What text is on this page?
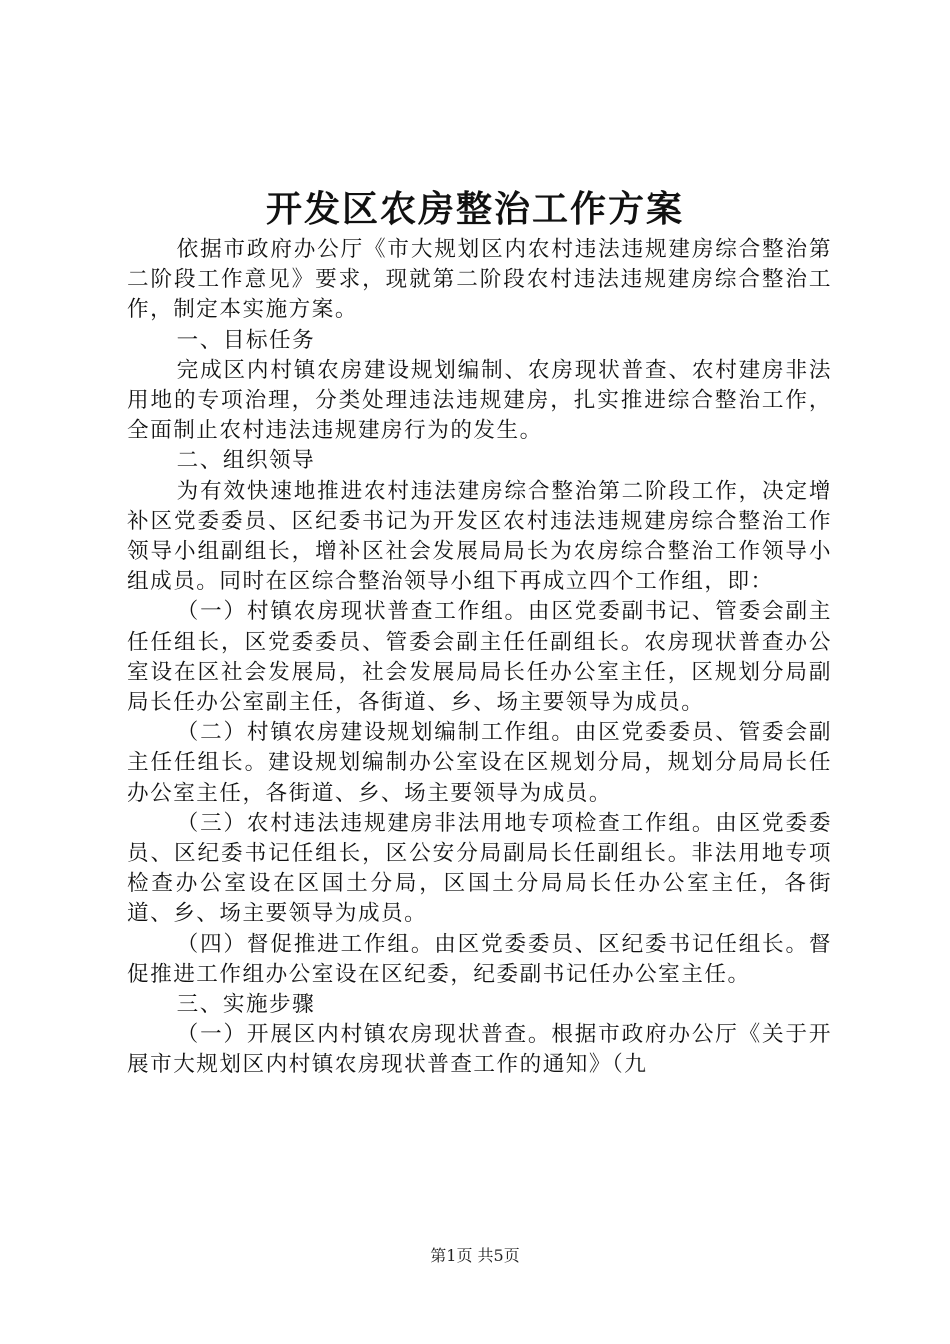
开发区农房整治工作方案

依据市政府办公厅《市大规划区内农村违法违规建房综合整治第二阶段工作意见》要求，现就第二阶段农村违法违规建房综合整治工作，制定本实施方案。

一、目标任务

完成区内村镇农房建设规划编制、农房现状普查、农村建房非法用地的专项治理，分类处理违法违规建房，扎实推进综合整治工作，全面制止农村违法违规建房行为的发生。

二、组织领导

为有效快速地推进农村违法建房综合整治第二阶段工作，决定增补区党委委员、区纪委书记为开发区农村违法违规建房综合整治工作领导小组副组长，增补区社会发展局局长为农房综合整治工作领导小组成员。同时在区综合整治领导小组下再成立四个工作组，即：

（一）村镇农房现状普查工作组。由区党委副书记、管委会副主任任组长，区党委委员、管委会副主任任副组长。农房现状普查办公室设在区社会发展局，社会发展局局长任办公室主任，区规划分局副局长任办公室副主任，各街道、乡、场主要领导为成员。

（二）村镇农房建设规划编制工作组。由区党委委员、管委会副主任任组长。建设规划编制办公室设在区规划分局，规划分局局长任办公室主任，各街道、乡、场主要领导为成员。

（三）农村违法违规建房非法用地专项检查工作组。由区党委委员、区纪委书记任组长，区公安分局副局长任副组长。非法用地专项检查办公室设在区国土分局，区国土分局局长任办公室主任，各街道、乡、场主要领导为成员。

（四）督促推进工作组。由区党委委员、区纪委书记任组长。督促推进工作组办公室设在区纪委，纪委副书记任办公室主任。

三、实施步骤

（一）开展区内村镇农房现状普查。根据市政府办公厅《关于开展市大规划区内村镇农房现状普查工作的通知》（九

第1页 共5页
